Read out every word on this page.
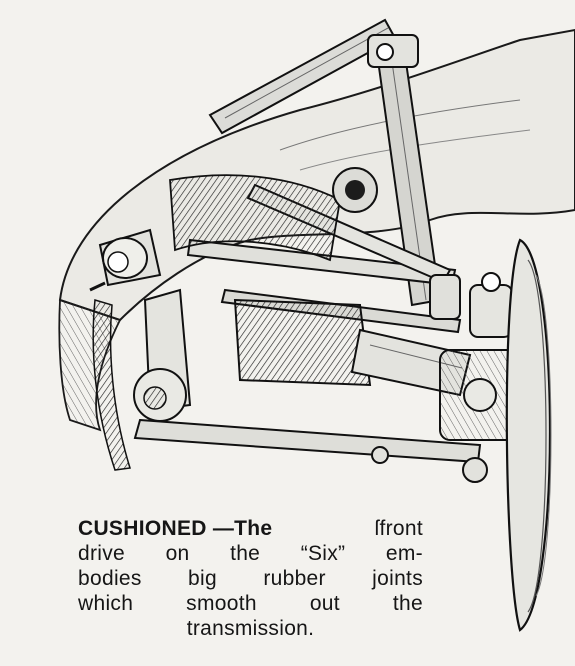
CUSHIONED —The	ſfront
drive on the “Six” em-
bodies big rubber joints
which	smooth	out	the
transmission.
